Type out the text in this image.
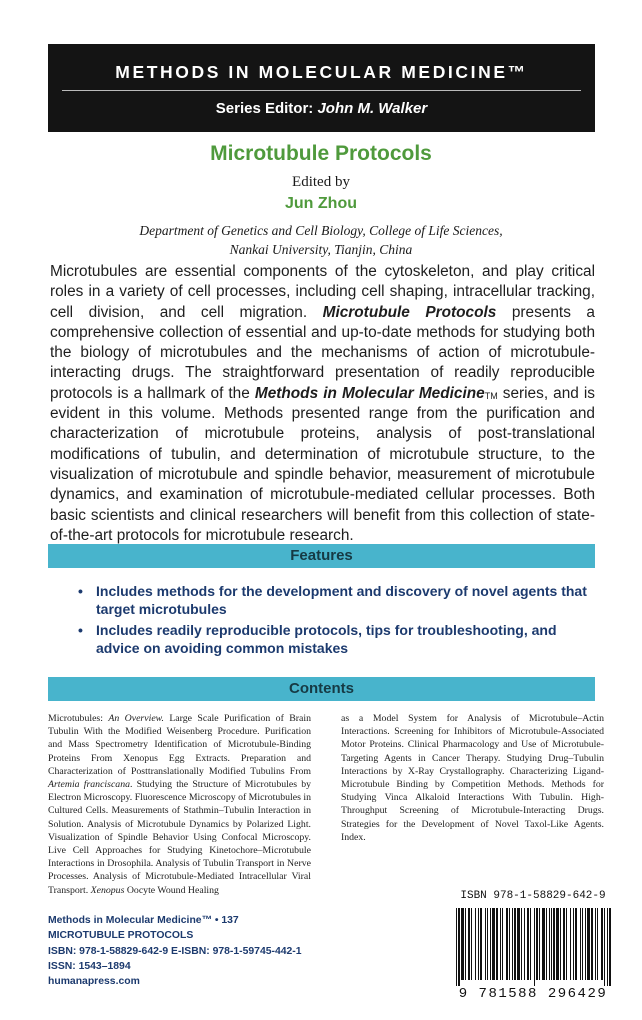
METHODS IN MOLECULAR MEDICINE™
Series Editor: John M. Walker
Microtubule Protocols
Edited by
Jun Zhou
Department of Genetics and Cell Biology, College of Life Sciences,
Nankai University, Tianjin, China
Microtubules are essential components of the cytoskeleton, and play critical roles in a variety of cell processes, including cell shaping, intracellular tracking, cell division, and cell migration. Microtubule Protocols presents a comprehensive collection of essential and up-to-date methods for studying both the biology of microtubules and the mechanisms of action of microtubule-interacting drugs. The straightforward presentation of readily reproducible protocols is a hallmark of the Methods in Molecular Medicine™ series, and is evident in this volume. Methods presented range from the purification and characterization of microtubule proteins, analysis of post-translational modifications of tubulin, and determination of microtubule structure, to the visualization of microtubule and spindle behavior, measurement of microtubule dynamics, and examination of microtubule-mediated cellular processes. Both basic scientists and clinical researchers will benefit from this collection of state-of-the-art protocols for microtubule research.
Features
• Includes methods for the development and discovery of novel agents that target microtubules
• Includes readily reproducible protocols, tips for troubleshooting, and advice on avoiding common mistakes
Contents
Microtubules: An Overview. Large Scale Purification of Brain Tubulin With the Modified Weisenberg Procedure. Purification and Mass Spectrometry Identification of Microtubule-Binding Proteins From Xenopus Egg Extracts. Preparation and Characterization of Posttranslationally Modified Tubulins From Artemia franciscana. Studying the Structure of Microtubules by Electron Microscopy. Fluorescence Microscopy of Microtubules in Cultured Cells. Measurements of Stathmin–Tubulin Interaction in Solution. Analysis of Microtubule Dynamics by Polarized Light. Visualization of Spindle Behavior Using Confocal Microscopy. Live Cell Approaches for Studying Kinetochore–Microtubule Interactions in Drosophila. Analysis of Tubulin Transport in Nerve Processes. Analysis of Microtubule-Mediated Intracellular Viral Transport. Xenopus Oocyte Wound Healing
as a Model System for Analysis of Microtubule–Actin Interactions. Screening for Inhibitors of Microtubule-Associated Motor Proteins. Clinical Pharmacology and Use of Microtubule-Targeting Agents in Cancer Therapy. Studying Drug–Tubulin Interactions by X-Ray Crystallography. Characterizing Ligand-Microtubule Binding by Competition Methods. Methods for Studying Vinca Alkaloid Interactions With Tubulin. High-Throughput Screening of Microtubule-Interacting Drugs. Strategies for the Development of Novel Taxol-Like Agents. Index.
Methods in Molecular Medicine™ • 137
MICROTUBULE PROTOCOLS
ISBN: 978-1-58829-642-9 E-ISBN: 978-1-59745-442-1
ISSN: 1543–1894
humanapress.com
ISBN 978-1-58829-642-9
9 781588 296429
